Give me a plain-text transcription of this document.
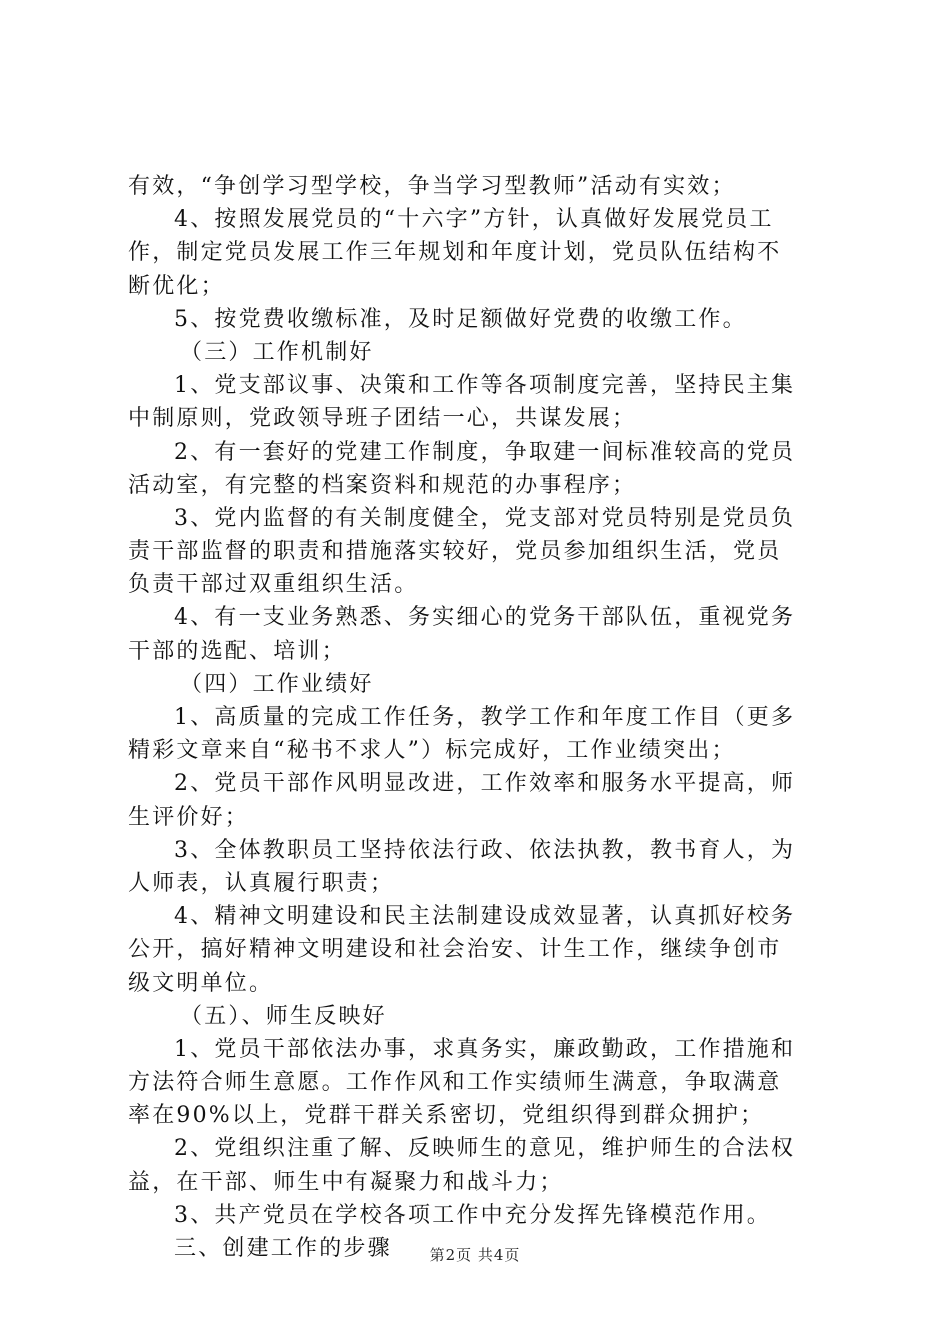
有效，“争创学习型学校，争当学习型教师”活动有实效；
4、按照发展党员的“十六字”方针，认真做好发展党员工
作，制定党员发展工作三年规划和年度计划，党员队伍结构不
断优化；
5、按党费收缴标准，及时足额做好党费的收缴工作。
（三）工作机制好
1、党支部议事、决策和工作等各项制度完善，坚持民主集
中制原则，党政领导班子团结一心，共谋发展；
2、有一套好的党建工作制度，争取建一间标准较高的党员
活动室，有完整的档案资料和规范的办事程序；
3、党内监督的有关制度健全，党支部对党员特别是党员负
责干部监督的职责和措施落实较好，党员参加组织生活，党员
负责干部过双重组织生活。
4、有一支业务熟悉、务实细心的党务干部队伍，重视党务
干部的选配、培训；
（四）工作业绩好
1、高质量的完成工作任务，教学工作和年度工作目（更多
精彩文章来自“秘书不求人”）标完成好，工作业绩突出；
2、党员干部作风明显改进，工作效率和服务水平提高，师
生评价好；
3、全体教职员工坚持依法行政、依法执教，教书育人，为
人师表，认真履行职责；
4、精神文明建设和民主法制建设成效显著，认真抓好校务
公开，搞好精神文明建设和社会治安、计生工作，继续争创市
级文明单位。
（五）、师生反映好
1、党员干部依法办事，求真务实，廉政勤政，工作措施和
方法符合师生意愿。工作作风和工作实绩师生满意，争取满意
率在90%以上，党群干群关系密切，党组织得到群众拥护；
2、党组织注重了解、反映师生的意见，维护师生的合法权
益，在干部、师生中有凝聚力和战斗力；
3、共产党员在学校各项工作中充分发挥先锋模范作用。
三、创建工作的步骤	第2页 共4页
